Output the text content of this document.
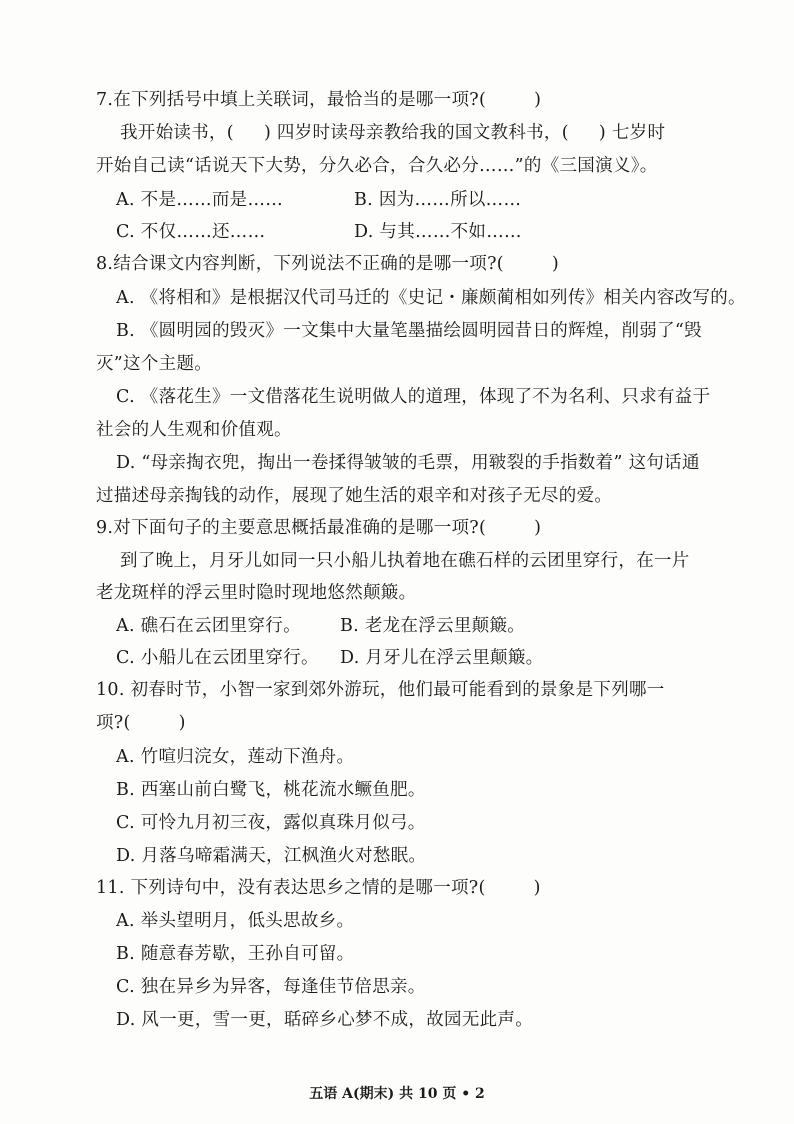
7.在下列括号中填上关联词，最恰当的是哪一项?(	)
我开始读书，( ) 四岁时读母亲教给我的国文教科书，( ) 七岁时
开始自己读“话说天下大势，分久必合，合久必分……”的《三国演义》。
A. 不是……而是……	B. 因为……所以……
C. 不仅……还……	D. 与其……不如……
8.结合课文内容判断，下列说法不正确的是哪一项?(	)
A. 《将相和》是根据汉代司马迁的《史记・廉颇蔺相如列传》相关内容改写的。
B. 《圆明园的毁灭》一文集中大量笔墨描绘圆明园昔日的辉煌，削弱了“毁
灭”这个主题。
C. 《落花生》一文借落花生说明做人的道理，体现了不为名利、只求有益于
社会的人生观和价值观。
D. “母亲掏衣兜，掏出一卷揉得皱皱的毛票，用皲裂的手指数着” 这句话通
过描述母亲掏钱的动作，展现了她生活的艰辛和对孩子无尽的爱。
9.对下面句子的主要意思概括最准确的是哪一项?(	)
到了晚上，月牙儿如同一只小船儿执着地在礁石样的云团里穿行，在一片
老龙斑样的浮云里时隐时现地悠然颠簸。
A. 礁石在云团里穿行。 B. 老龙在浮云里颠簸。
C. 小船儿在云团里穿行。 D. 月牙儿在浮云里颠簸。
10. 初春时节，小智一家到郊外游玩，他们最可能看到的景象是下列哪一
项?(	)
A. 竹喧归浣女，莲动下渔舟。
B. 西塞山前白鹭飞，桃花流水鳜鱼肥。
C. 可怜九月初三夜，露似真珠月似弓。
D. 月落乌啼霜满天，江枫渔火对愁眠。
11. 下列诗句中，没有表达思乡之情的是哪一项?(	)
A. 举头望明月，低头思故乡。
B. 随意春芳歇，王孙自可留。
C. 独在异乡为异客，每逢佳节倍思亲。
D. 风一更，雪一更，聒碎乡心梦不成，故园无此声。
五语 A(期末) 共 10 页 • 2
